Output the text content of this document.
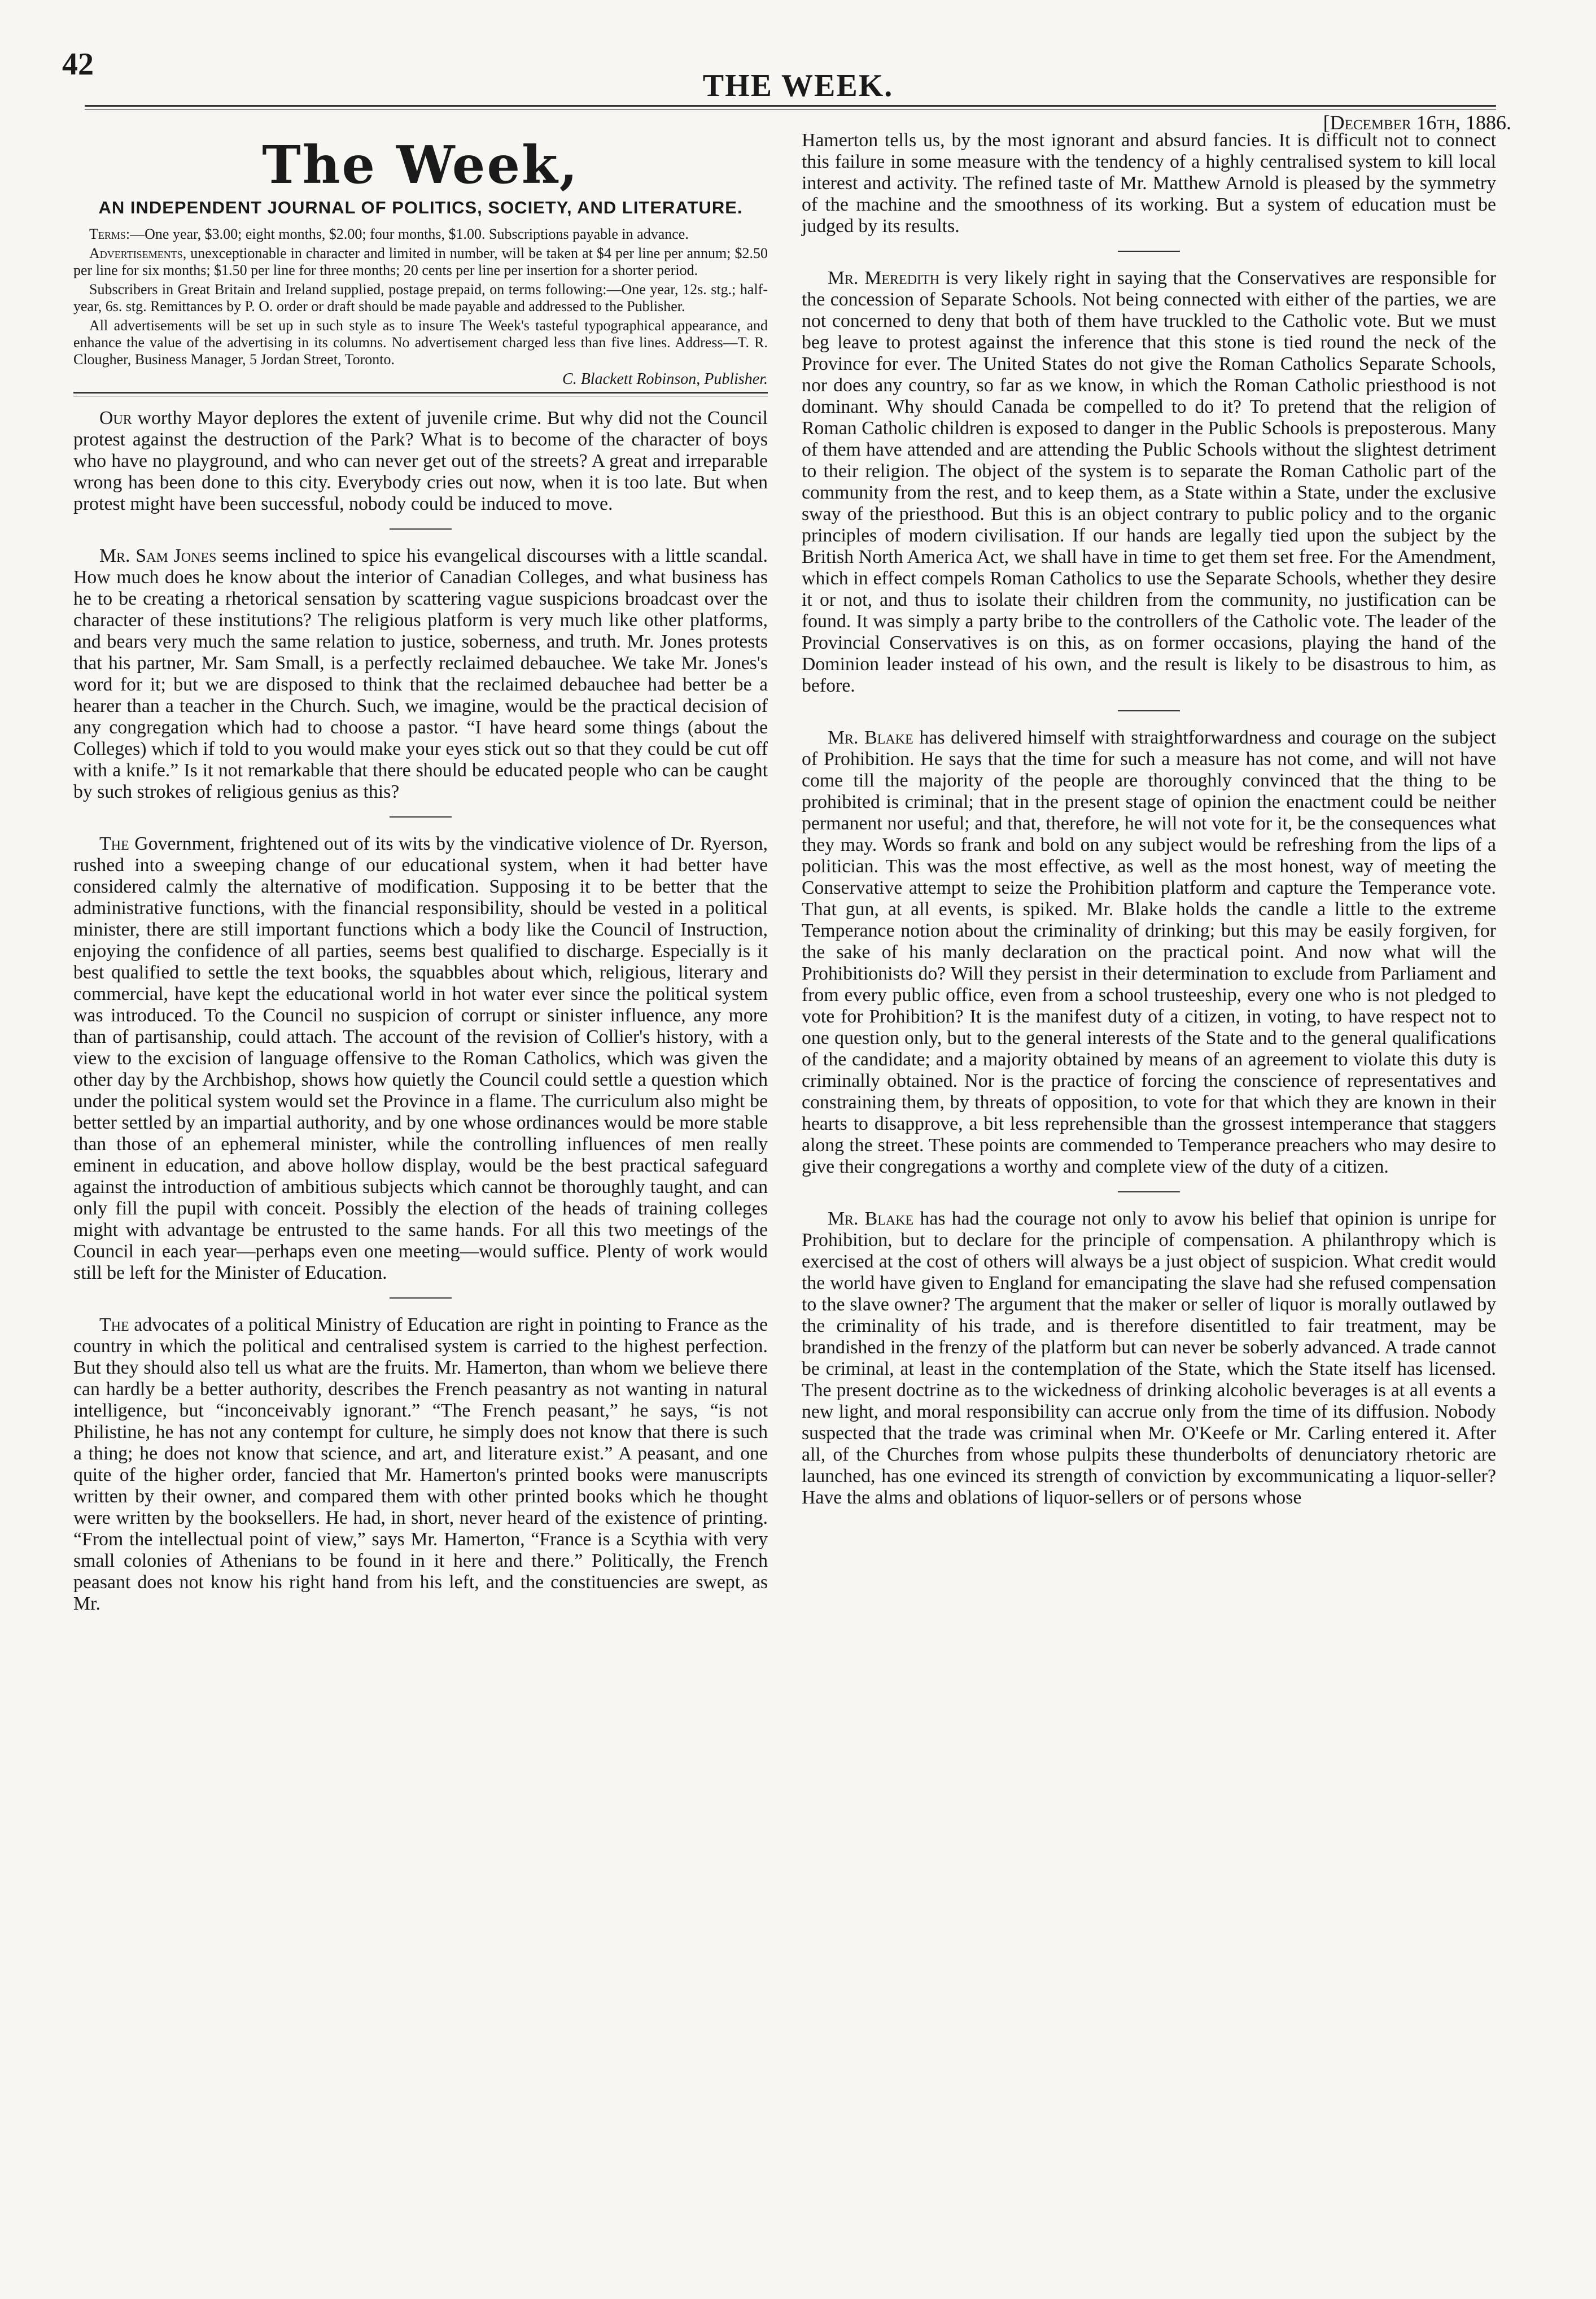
42
THE WEEK.
[December 16th, 1886.
The Week,
AN INDEPENDENT JOURNAL OF POLITICS, SOCIETY, AND LITERATURE.

Terms:—One year, $3.00; eight months, $2.00; four months, $1.00. Subscriptions payable in advance.

Advertisements, unexceptionable in character and limited in number, will be taken at $4 per line per annum; $2.50 per line for six months; $1.50 per line for three months; 20 cents per line per insertion for a shorter period.

Subscribers in Great Britain and Ireland supplied, postage prepaid, on terms following:—One year, 12s. stg.; half-year, 6s. stg. Remittances by P. O. order or draft should be made payable and addressed to the Publisher.

All advertisements will be set up in such style as to insure The Week's tasteful typographical appearance, and enhance the value of the advertising in its columns. No advertisement charged less than five lines. Address—T. R. Clougher, Business Manager, 5 Jordan Street, Toronto.

C. Blackett Robinson, Publisher.

Our worthy Mayor deplores the extent of juvenile crime. But why did not the Council protest against the destruction of the Park? What is to become of the character of boys who have no playground, and who can never get out of the streets? A great and irreparable wrong has been done to this city. Everybody cries out now, when it is too late. But when protest might have been successful, nobody could be induced to move.

Mr. Sam Jones seems inclined to spice his evangelical discourses with a little scandal. How much does he know about the interior of Canadian Colleges, and what business has he to be creating a rhetorical sensation by scattering vague suspicions broadcast over the character of these institutions? The religious platform is very much like other platforms, and bears very much the same relation to justice, soberness, and truth. Mr. Jones protests that his partner, Mr. Sam Small, is a perfectly reclaimed debauchee. We take Mr. Jones's word for it; but we are disposed to think that the reclaimed debauchee had better be a hearer than a teacher in the Church. Such, we imagine, would be the practical decision of any congregation which had to choose a pastor. “I have heard some things (about the Colleges) which if told to you would make your eyes stick out so that they could be cut off with a knife.” Is it not remarkable that there should be educated people who can be caught by such strokes of religious genius as this?

The Government, frightened out of its wits by the vindicative violence of Dr. Ryerson, rushed into a sweeping change of our educational system, when it had better have considered calmly the alternative of modification. Supposing it to be better that the administrative functions, with the financial responsibility, should be vested in a political minister, there are still important functions which a body like the Council of Instruction, enjoying the confidence of all parties, seems best qualified to discharge. Especially is it best qualified to settle the text books, the squabbles about which, religious, literary and commercial, have kept the educational world in hot water ever since the political system was introduced. To the Council no suspicion of corrupt or sinister influence, any more than of partisanship, could attach. The account of the revision of Collier's history, with a view to the excision of language offensive to the Roman Catholics, which was given the other day by the Archbishop, shows how quietly the Council could settle a question which under the political system would set the Province in a flame. The curriculum also might be better settled by an impartial authority, and by one whose ordinances would be more stable than those of an ephemeral minister, while the controlling influences of men really eminent in education, and above hollow display, would be the best practical safeguard against the introduction of ambitious subjects which cannot be thoroughly taught, and can only fill the pupil with conceit. Possibly the election of the heads of training colleges might with advantage be entrusted to the same hands. For all this two meetings of the Council in each year—perhaps even one meeting—would suffice. Plenty of work would still be left for the Minister of Education.

The advocates of a political Ministry of Education are right in pointing to France as the country in which the political and centralised system is carried to the highest perfection. But they should also tell us what are the fruits. Mr. Hamerton, than whom we believe there can hardly be a better authority, describes the French peasantry as not wanting in natural intelligence, but “inconceivably ignorant.” “The French peasant,” he says, “is not Philistine, he has not any contempt for culture, he simply does not know that there is such a thing; he does not know that science, and art, and literature exist.” A peasant, and one quite of the higher order, fancied that Mr. Hamerton's printed books were manuscripts written by their owner, and compared them with other printed books which he thought were written by the booksellers. He had, in short, never heard of the existence of printing. “From the intellectual point of view,” says Mr. Hamerton, “France is a Scythia with very small colonies of Athenians to be found in it here and there.” Politically, the French peasant does not know his right hand from his left, and the constituencies are swept, as Mr.

Hamerton tells us, by the most ignorant and absurd fancies. It is difficult not to connect this failure in some measure with the tendency of a highly centralised system to kill local interest and activity. The refined taste of Mr. Matthew Arnold is pleased by the symmetry of the machine and the smoothness of its working. But a system of education must be judged by its results.

Mr. Meredith is very likely right in saying that the Conservatives are responsible for the concession of Separate Schools. Not being connected with either of the parties, we are not concerned to deny that both of them have truckled to the Catholic vote. But we must beg leave to protest against the inference that this stone is tied round the neck of the Province for ever. The United States do not give the Roman Catholics Separate Schools, nor does any country, so far as we know, in which the Roman Catholic priesthood is not dominant. Why should Canada be compelled to do it? To pretend that the religion of Roman Catholic children is exposed to danger in the Public Schools is preposterous. Many of them have attended and are attending the Public Schools without the slightest detriment to their religion. The object of the system is to separate the Roman Catholic part of the community from the rest, and to keep them, as a State within a State, under the exclusive sway of the priesthood. But this is an object contrary to public policy and to the organic principles of modern civilisation. If our hands are legally tied upon the subject by the British North America Act, we shall have in time to get them set free. For the Amendment, which in effect compels Roman Catholics to use the Separate Schools, whether they desire it or not, and thus to isolate their children from the community, no justification can be found. It was simply a party bribe to the controllers of the Catholic vote. The leader of the Provincial Conservatives is on this, as on former occasions, playing the hand of the Dominion leader instead of his own, and the result is likely to be disastrous to him, as before.

Mr. Blake has delivered himself with straightforwardness and courage on the subject of Prohibition. He says that the time for such a measure has not come, and will not have come till the majority of the people are thoroughly convinced that the thing to be prohibited is criminal; that in the present stage of opinion the enactment could be neither permanent nor useful; and that, therefore, he will not vote for it, be the consequences what they may. Words so frank and bold on any subject would be refreshing from the lips of a politician. This was the most effective, as well as the most honest, way of meeting the Conservative attempt to seize the Prohibition platform and capture the Temperance vote. That gun, at all events, is spiked. Mr. Blake holds the candle a little to the extreme Temperance notion about the criminality of drinking; but this may be easily forgiven, for the sake of his manly declaration on the practical point. And now what will the Prohibitionists do? Will they persist in their determination to exclude from Parliament and from every public office, even from a school trusteeship, every one who is not pledged to vote for Prohibition? It is the manifest duty of a citizen, in voting, to have respect not to one question only, but to the general interests of the State and to the general qualifications of the candidate; and a majority obtained by means of an agreement to violate this duty is criminally obtained. Nor is the practice of forcing the conscience of representatives and constraining them, by threats of opposition, to vote for that which they are known in their hearts to disapprove, a bit less reprehensible than the grossest intemperance that staggers along the street. These points are commended to Temperance preachers who may desire to give their congregations a worthy and complete view of the duty of a citizen.

Mr. Blake has had the courage not only to avow his belief that opinion is unripe for Prohibition, but to declare for the principle of compensation. A philanthropy which is exercised at the cost of others will always be a just object of suspicion. What credit would the world have given to England for emancipating the slave had she refused compensation to the slave owner? The argument that the maker or seller of liquor is morally outlawed by the criminality of his trade, and is therefore disentitled to fair treatment, may be brandished in the frenzy of the platform but can never be soberly advanced. A trade cannot be criminal, at least in the contemplation of the State, which the State itself has licensed. The present doctrine as to the wickedness of drinking alcoholic beverages is at all events a new light, and moral responsibility can accrue only from the time of its diffusion. Nobody suspected that the trade was criminal when Mr. O'Keefe or Mr. Carling entered it. After all, of the Churches from whose pulpits these thunderbolts of denunciatory rhetoric are launched, has one evinced its strength of conviction by excommunicating a liquor-seller? Have the alms and oblations of liquor-sellers or of persons whose
